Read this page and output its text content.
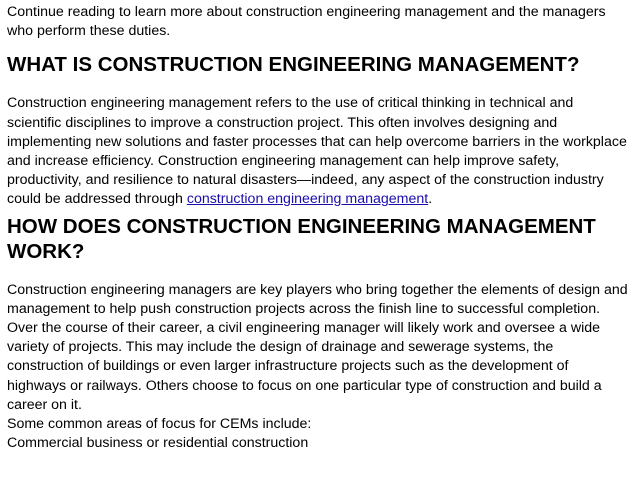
Continue reading to learn more about construction engineering management and the managers who perform these duties.

WHAT IS CONSTRUCTION ENGINEERING MANAGEMENT?

Construction engineering management refers to the use of critical thinking in technical and scientific disciplines to improve a construction project. This often involves designing and implementing new solutions and faster processes that can help overcome barriers in the workplace and increase efficiency. Construction engineering management can help improve safety, productivity, and resilience to natural disasters—indeed, any aspect of the construction industry could be addressed through construction engineering management.

HOW DOES CONSTRUCTION ENGINEERING MANAGEMENT WORK?

Construction engineering managers are key players who bring together the elements of design and management to help push construction projects across the finish line to successful completion. Over the course of their career, a civil engineering manager will likely work and oversee a wide variety of projects. This may include the design of drainage and sewerage systems, the construction of buildings or even larger infrastructure projects such as the development of highways or railways. Others choose to focus on one particular type of construction and build a career on it.

Some common areas of focus for CEMs include:

Commercial business or residential construction
